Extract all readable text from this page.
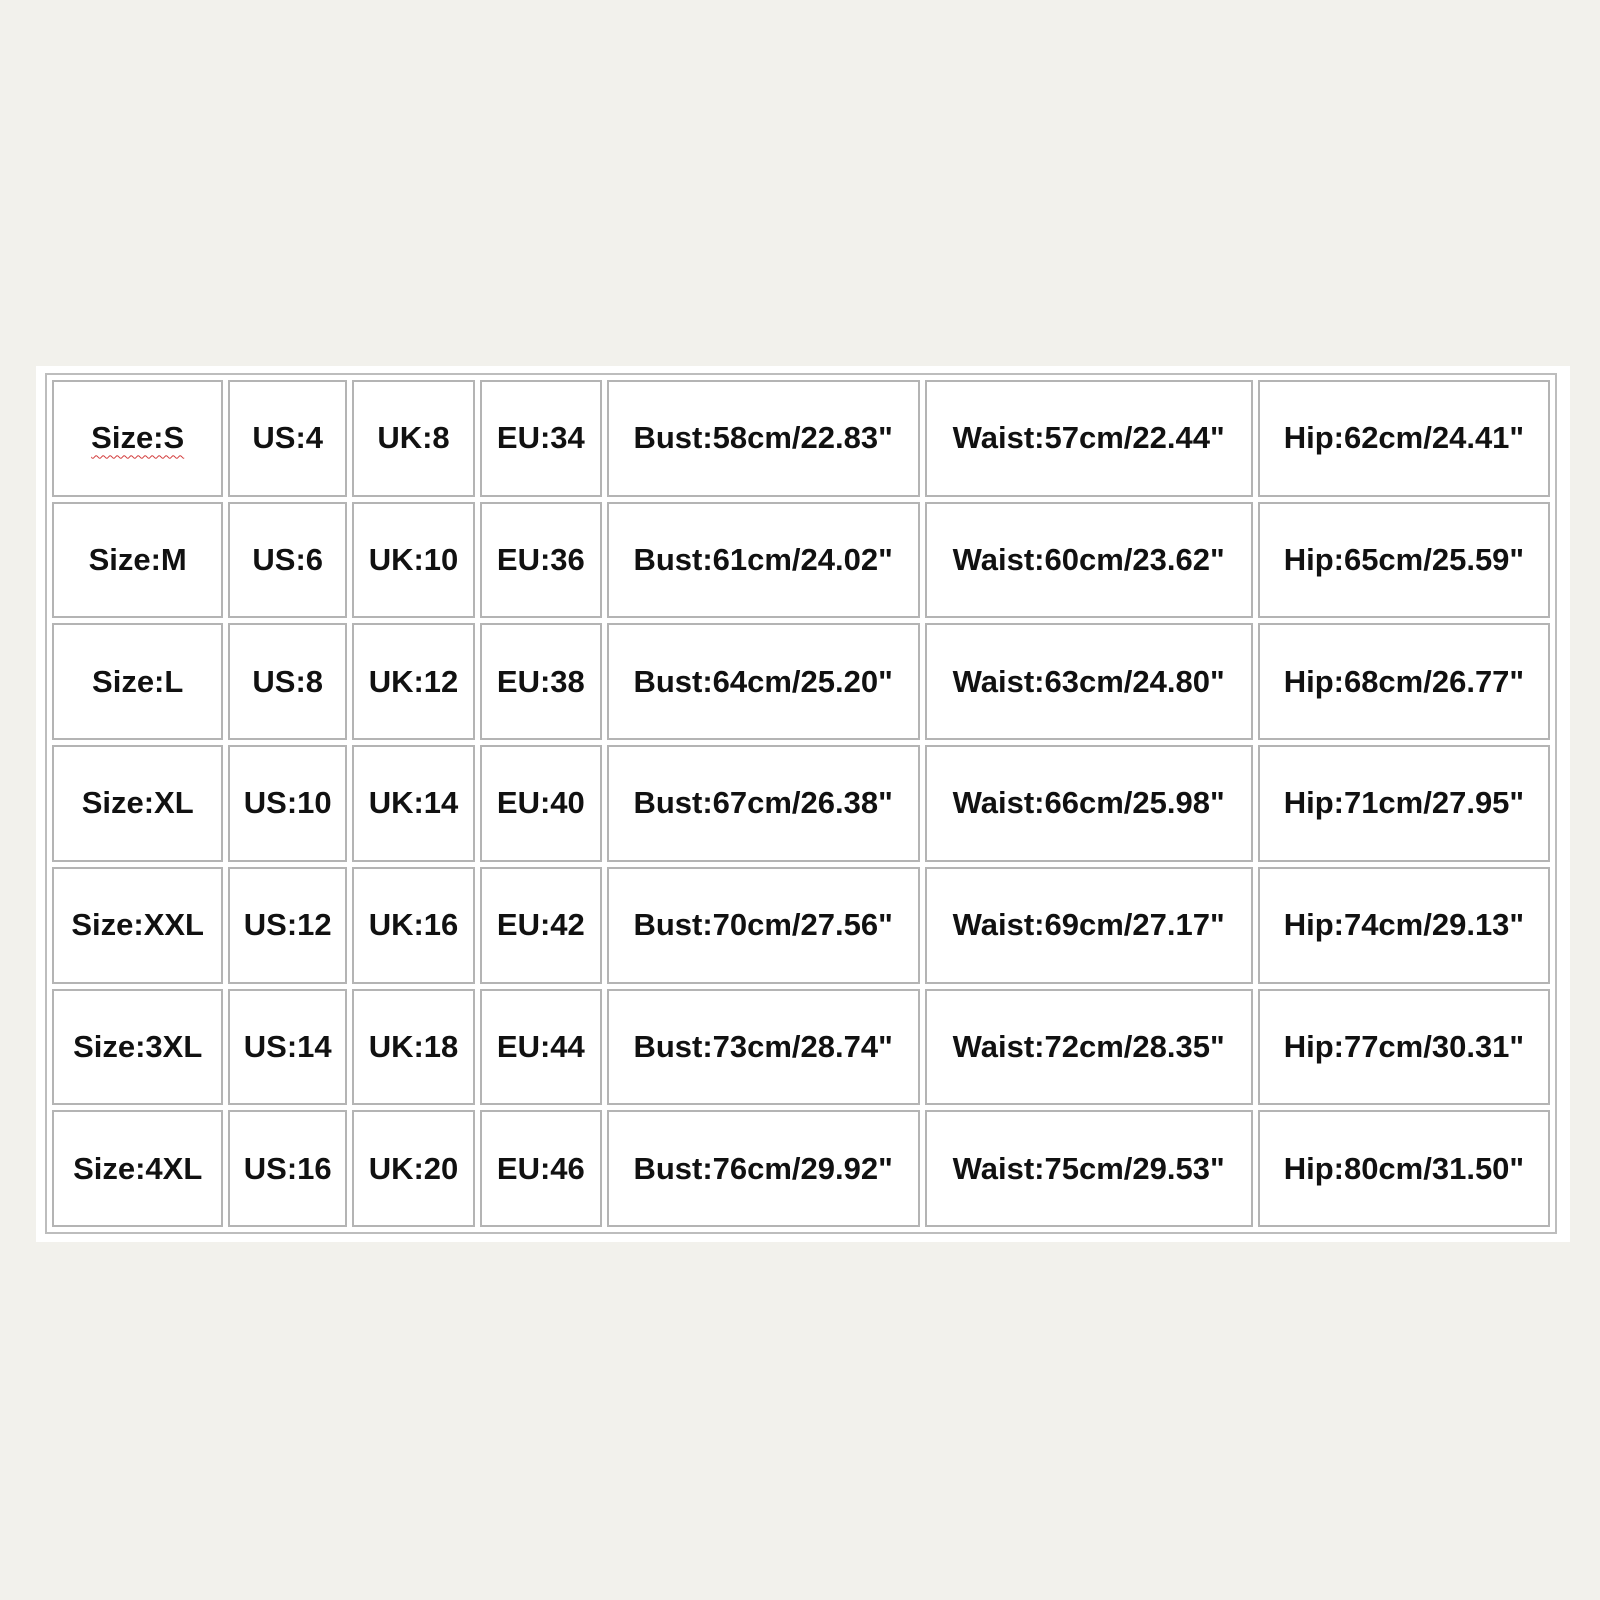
Size:S	US:4	UK:8	EU:34	Bust:58cm/22.83"	Waist:57cm/22.44"	Hip:62cm/24.41"
Size:M	US:6	UK:10	EU:36	Bust:61cm/24.02"	Waist:60cm/23.62"	Hip:65cm/25.59"
Size:L	US:8	UK:12	EU:38	Bust:64cm/25.20"	Waist:63cm/24.80"	Hip:68cm/26.77"
Size:XL	US:10	UK:14	EU:40	Bust:67cm/26.38"	Waist:66cm/25.98"	Hip:71cm/27.95"
Size:XXL	US:12	UK:16	EU:42	Bust:70cm/27.56"	Waist:69cm/27.17"	Hip:74cm/29.13"
Size:3XL	US:14	UK:18	EU:44	Bust:73cm/28.74"	Waist:72cm/28.35"	Hip:77cm/30.31"
Size:4XL	US:16	UK:20	EU:46	Bust:76cm/29.92"	Waist:75cm/29.53"	Hip:80cm/31.50"
